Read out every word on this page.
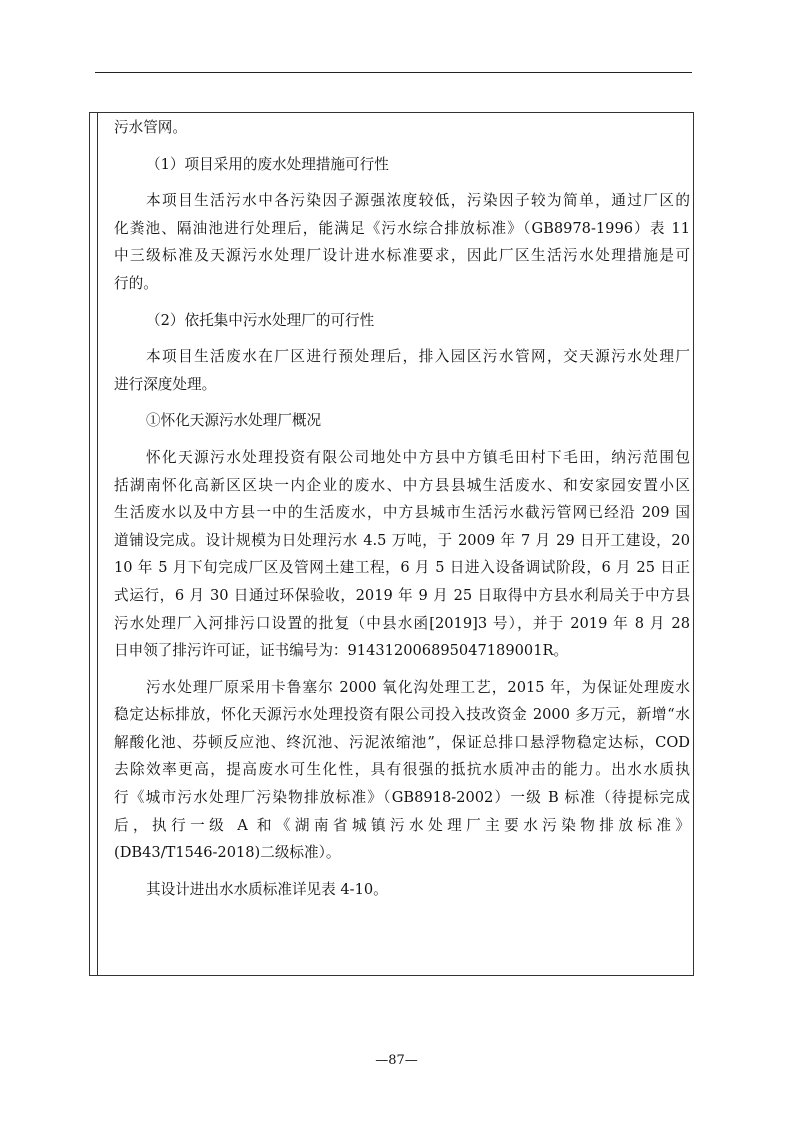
污水管网。
（1）项目采用的废水处理措施可行性
本项目生活污水中各污染因子源强浓度较低，污染因子较为简单，通过厂区的
化粪池、隔油池进行处理后，能满足《污水综合排放标准》（GB8978-1996）表 11
中三级标准及天源污水处理厂设计进水标准要求，因此厂区生活污水处理措施是可
行的。
（2）依托集中污水处理厂的可行性
本项目生活废水在厂区进行预处理后，排入园区污水管网，交天源污水处理厂
进行深度处理。
①怀化天源污水处理厂概况
怀化天源污水处理投资有限公司地处中方县中方镇毛田村下毛田，纳污范围包
括湖南怀化高新区区块一内企业的废水、中方县县城生活废水、和安家园安置小区
生活废水以及中方县一中的生活废水，中方县城市生活污水截污管网已经沿 209 国
道铺设完成。设计规模为日处理污水 4.5 万吨，于 2009 年 7 月 29 日开工建设，20
10 年 5 月下旬完成厂区及管网土建工程，6 月 5 日进入设备调试阶段，6 月 25 日正
式运行，6 月 30 日通过环保验收，2019 年 9 月 25 日取得中方县水利局关于中方县
污水处理厂入河排污口设置的批复（中县水函[2019]3 号），并于 2019 年 8 月 28
日申领了排污许可证，证书编号为：914312006895047189001R。
污水处理厂原采用卡鲁塞尔 2000 氧化沟处理工艺，2015 年，为保证处理废水
稳定达标排放，怀化天源污水处理投资有限公司投入技改资金 2000 多万元，新增“水
解酸化池、芬顿反应池、终沉池、污泥浓缩池”，保证总排口悬浮物稳定达标，COD
去除效率更高，提高废水可生化性，具有很强的抵抗水质冲击的能力。出水水质执
行《城市污水处理厂污染物排放标准》（GB8918-2002）一级 B 标准（待提标完成
后，执行一级 A 和《湖南省城镇污水处理厂主要水污染物排放标准》
(DB43/T1546-2018)二级标准）。
其设计进出水水质标准详见表 4-10。
—87—
